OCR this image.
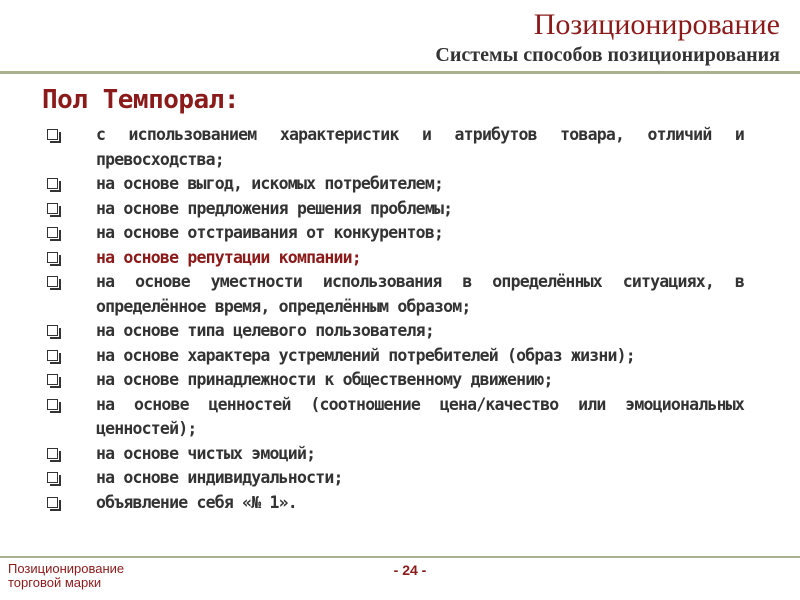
Позиционирование
Системы способов позиционирования
Пол Темпорал:
с использованием характеристик и атрибутов товара, отличий и превосходства;
на основе выгод, искомых потребителем;
на основе предложения решения проблемы;
на основе отстраивания от конкурентов;
на основе репутации компании;
на основе уместности использования в определённых ситуациях, в определённое время, определённым образом;
на основе типа целевого пользователя;
на основе характера устремлений потребителей (образ жизни);
на основе принадлежности к общественному движению;
на основе ценностей (соотношение цена/качество или эмоциональных ценностей);
на основе чистых эмоций;
на основе индивидуальности;
объявление себя «№ 1».
Позиционирование
торговой марки
- 24 -
